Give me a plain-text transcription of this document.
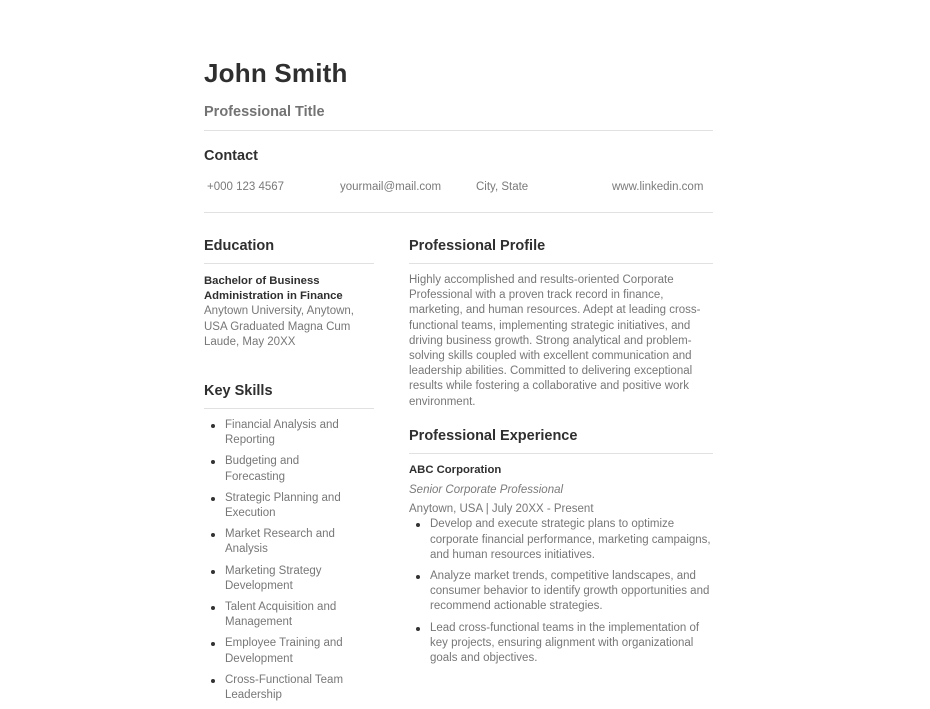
John Smith
Professional Title
Contact
+000 123 4567	yourmail@mail.com	City, State	www.linkedin.com
Education
Bachelor of Business Administration in Finance
Anytown University, Anytown, USA Graduated Magna Cum Laude, May 20XX
Key Skills
Financial Analysis and Reporting
Budgeting and Forecasting
Strategic Planning and Execution
Market Research and Analysis
Marketing Strategy Development
Talent Acquisition and Management
Employee Training and Development
Cross-Functional Team Leadership
Professional Profile
Highly accomplished and results-oriented Corporate Professional with a proven track record in finance, marketing, and human resources. Adept at leading cross-functional teams, implementing strategic initiatives, and driving business growth. Strong analytical and problem-solving skills coupled with excellent communication and leadership abilities. Committed to delivering exceptional results while fostering a collaborative and positive work environment.
Professional Experience
ABC Corporation
Senior Corporate Professional
Anytown, USA | July 20XX - Present
Develop and execute strategic plans to optimize corporate financial performance, marketing campaigns, and human resources initiatives.
Analyze market trends, competitive landscapes, and consumer behavior to identify growth opportunities and recommend actionable strategies.
Lead cross-functional teams in the implementation of key projects, ensuring alignment with organizational goals and objectives.
